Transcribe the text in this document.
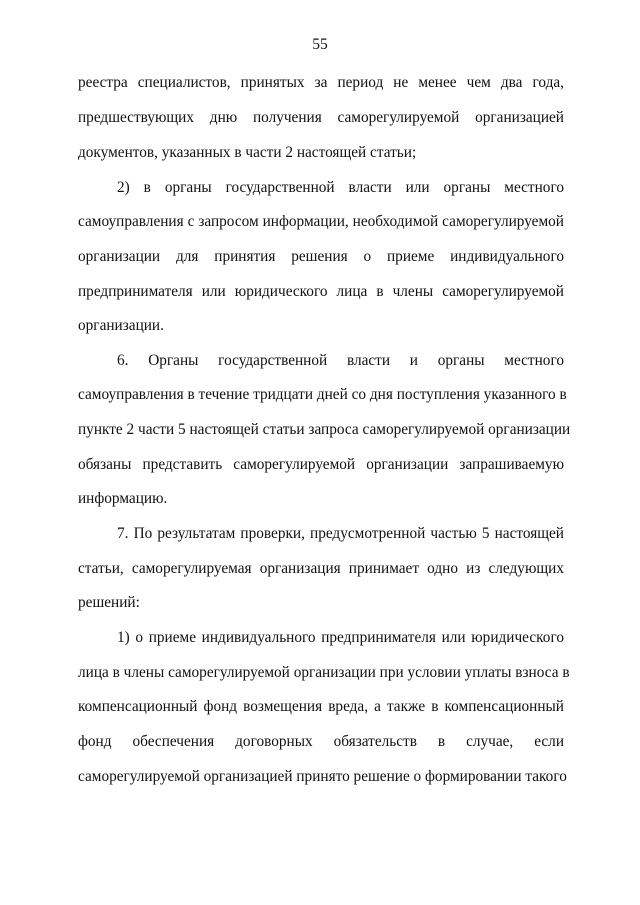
55
реестра специалистов, принятых за период не менее чем два года,
предшествующих дню получения саморегулируемой организацией
документов, указанных в части 2 настоящей статьи;
2) в органы государственной власти или органы местного
самоуправления с запросом информации, необходимой саморегулируемой
организации для принятия решения о приеме индивидуального
предпринимателя или юридического лица в члены саморегулируемой
организации.
6. Органы государственной власти и органы местного
самоуправления в течение тридцати дней со дня поступления указанного в
пункте 2 части 5 настоящей статьи запроса саморегулируемой организации
обязаны представить саморегулируемой организации запрашиваемую
информацию.
7. По результатам проверки, предусмотренной частью 5 настоящей
статьи, саморегулируемая организация принимает одно из следующих
решений:
1) о приеме индивидуального предпринимателя или юридического
лица в члены саморегулируемой организации при условии уплаты взноса в
компенсационный фонд возмещения вреда, а также в компенсационный
фонд обеспечения договорных обязательств в случае, если
саморегулируемой организацией принято решение о формировании такого
